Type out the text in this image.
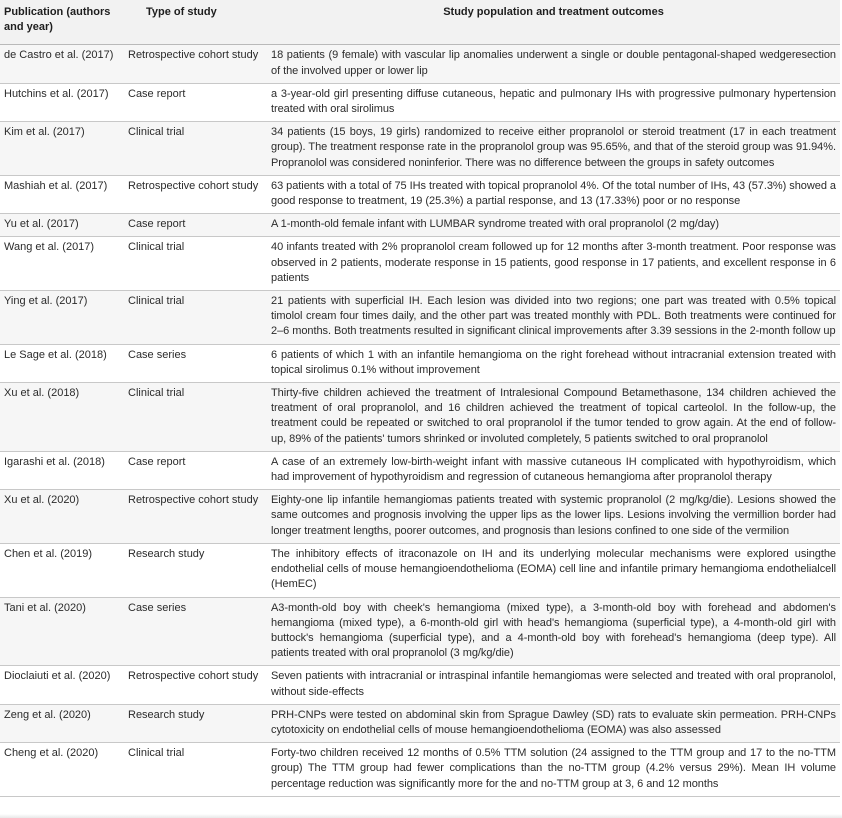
Publication (authors and year)	Type of study	Study population and treatment outcomes
de Castro et al. (2017)	Retrospective cohort study	18 patients (9 female) with vascular lip anomalies underwent a single or double pentagonal-shaped wedgeresection of the involved upper or lower lip
Hutchins et al. (2017)	Case report	a 3-year-old girl presenting diffuse cutaneous, hepatic and pulmonary IHs with progressive pulmonary hypertension treated with oral sirolimus
Kim et al. (2017)	Clinical trial	34 patients (15 boys, 19 girls) randomized to receive either propranolol or steroid treatment (17 in each treatment group). The treatment response rate in the propranolol group was 95.65%, and that of the steroid group was 91.94%. Propranolol was considered noninferior. There was no difference between the groups in safety outcomes
Mashiah et al. (2017)	Retrospective cohort study	63 patients with a total of 75 IHs treated with topical propranolol 4%. Of the total number of IHs, 43 (57.3%) showed a good response to treatment, 19 (25.3%) a partial response, and 13 (17.33%) poor or no response
Yu et al. (2017)	Case report	A 1-month-old female infant with LUMBAR syndrome treated with oral propranolol (2 mg/day)
Wang et al. (2017)	Clinical trial	40 infants treated with 2% propranolol cream followed up for 12 months after 3-month treatment. Poor response was observed in 2 patients, moderate response in 15 patients, good response in 17 patients, and excellent response in 6 patients
Ying et al. (2017)	Clinical trial	21 patients with superficial IH. Each lesion was divided into two regions; one part was treated with 0.5% topical timolol cream four times daily, and the other part was treated monthly with PDL. Both treatments were continued for 2–6 months. Both treatments resulted in significant clinical improvements after 3.39 sessions in the 2-month follow up
Le Sage et al. (2018)	Case series	6 patients of which 1 with an infantile hemangioma on the right forehead without intracranial extension treated with topical sirolimus 0.1% without improvement
Xu et al. (2018)	Clinical trial	Thirty-five children achieved the treatment of Intralesional Compound Betamethasone, 134 children achieved the treatment of oral propranolol, and 16 children achieved the treatment of topical carteolol. In the follow-up, the treatment could be repeated or switched to oral propranolol if the tumor tended to grow again. At the end of follow- up, 89% of the patients' tumors shrinked or involuted completely, 5 patients switched to oral propranolol
Igarashi et al. (2018)	Case report	A case of an extremely low-birth-weight infant with massive cutaneous IH complicated with hypothyroidism, which had improvement of hypothyroidism and regression of cutaneous hemangioma after propranolol therapy
Xu et al. (2020)	Retrospective cohort study	Eighty-one lip infantile hemangiomas patients treated with systemic propranolol (2 mg/kg/die). Lesions showed the same outcomes and prognosis involving the upper lips as the lower lips. Lesions involving the vermillion border had longer treatment lengths, poorer outcomes, and prognosis than lesions confined to one side of the vermilion
Chen et al. (2019)	Research study	The inhibitory effects of itraconazole on IH and its underlying molecular mechanisms were explored usingthe endothelial cells of mouse hemangioendothelioma (EOMA) cell line and infantile primary hemangioma endothelialcell (HemEC)
Tani et al. (2020)	Case series	A3-month-old boy with cheek's hemangioma (mixed type), a 3-month-old boy with forehead and abdomen's hemangioma (mixed type), a 6-month-old girl with head's hemangioma (superficial type), a 4-month-old girl with buttock's hemangioma (superficial type), and a 4-month-old boy with forehead's hemangioma (deep type). All patients treated with oral propranolol (3 mg/kg/die)
Dioclaiuti et al. (2020)	Retrospective cohort study	Seven patients with intracranial or intraspinal infantile hemangiomas were selected and treated with oral propranolol, without side-effects
Zeng et al. (2020)	Research study	PRH-CNPs were tested on abdominal skin from Sprague Dawley (SD) rats to evaluate skin permeation. PRH-CNPs cytotoxicity on endothelial cells of mouse hemangioendothelioma (EOMA) was also assessed
Cheng et al. (2020)	Clinical trial	Forty-two children received 12 months of 0.5% TTM solution (24 assigned to the TTM group and 17 to the no-TTM group) The TTM group had fewer complications than the no-TTM group (4.2% versus 29%). Mean IH volume percentage reduction was significantly more for the and no-TTM group at 3, 6 and 12 months
